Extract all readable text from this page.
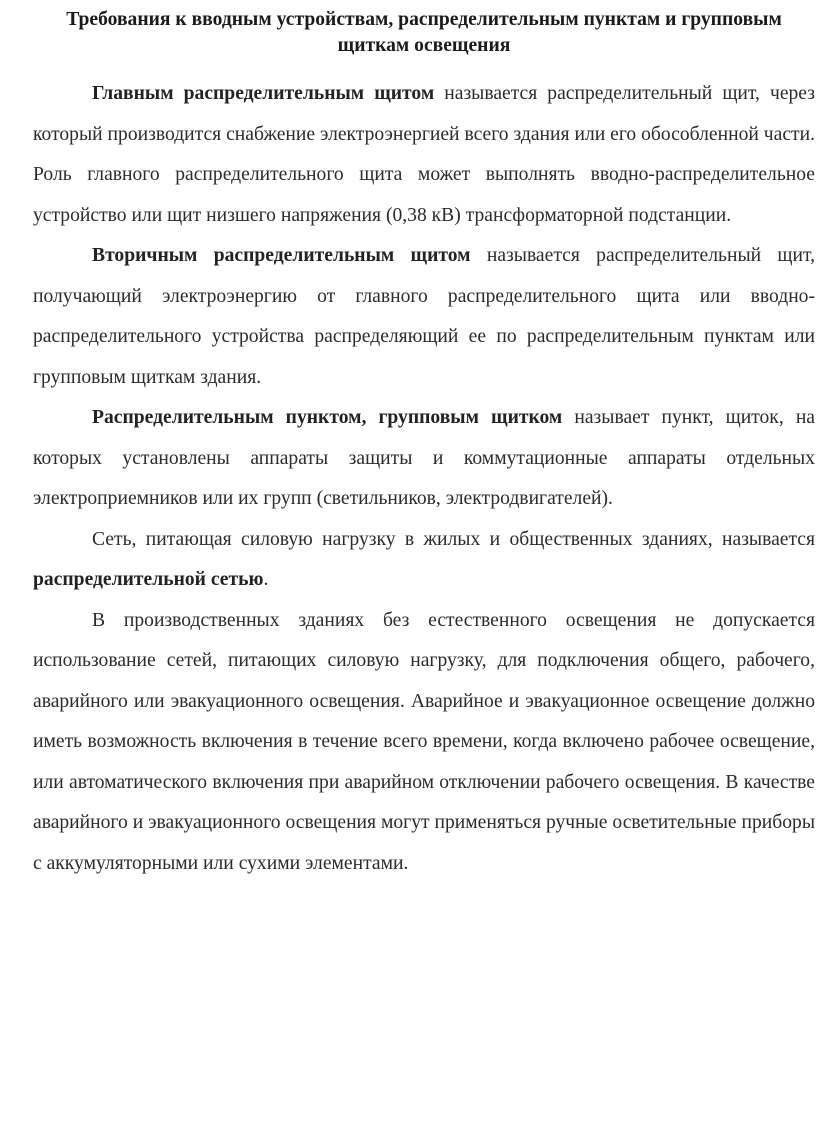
Требования к вводным устройствам, распределительным пунктам и групповым щиткам освещения

Главным распределительным щитом называется распределительный щит, через который производится снабжение электроэнергией всего здания или его обособленной части. Роль главного распределительного щита может выполнять вводно-распределительное устройство или щит низшего напряжения (0,38 кВ) трансформаторной подстанции.

Вторичным распределительным щитом называется распределительный щит, получающий электроэнергию от главного распределительного щита или вводно-распределительного устройства распределяющий ее по распределительным пунктам или групповым щиткам здания.

Распределительным пунктом, групповым щитком называет пункт, щиток, на которых установлены аппараты защиты и коммутационные аппараты отдельных электроприемников или их групп (светильников, электродвигателей).

Сеть, питающая силовую нагрузку в жилых и общественных зданиях, называется распределительной сетью.

В производственных зданиях без естественного освещения не допускается использование сетей, питающих силовую нагрузку, для подключения общего, рабочего, аварийного или эвакуационного освещения. Аварийное и эвакуационное освещение должно иметь возможность включения в течение всего времени, когда включено рабочее освещение, или автоматического включения при аварийном отключении рабочего освещения. В качестве аварийного и эвакуационного освещения могут применяться ручные осветительные приборы с аккумуляторными или сухими элементами.
